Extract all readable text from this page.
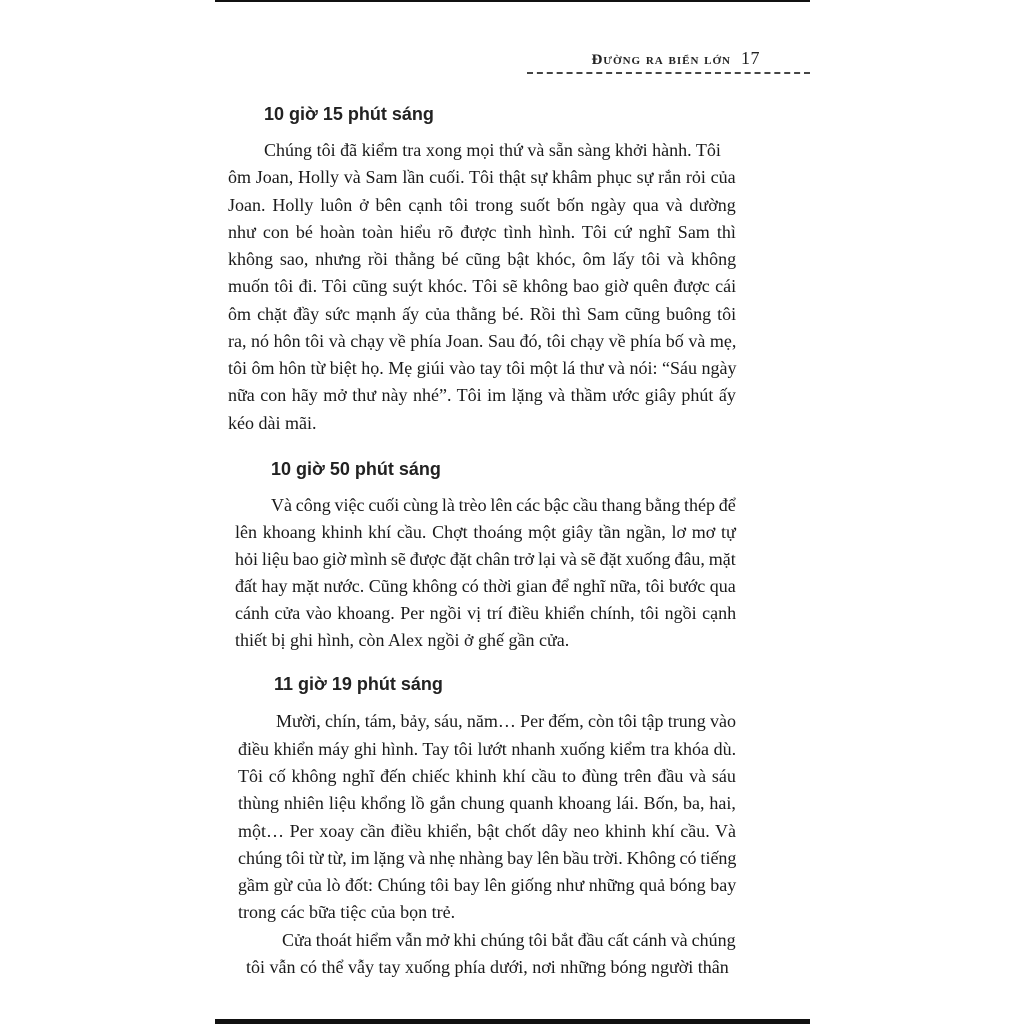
Đường ra biển lớn 17
10 giờ 15 phút sáng
Chúng tôi đã kiểm tra xong mọi thứ và sẵn sàng khởi hành. Tôi
ôm Joan, Holly và Sam lần cuối. Tôi thật sự khâm phục sự rắn rỏi của
Joan. Holly luôn ở bên cạnh tôi trong suốt bốn ngày qua và dường
như con bé hoàn toàn hiểu rõ được tình hình. Tôi cứ nghĩ Sam thì
không sao, nhưng rồi thằng bé cũng bật khóc, ôm lấy tôi và không
muốn tôi đi. Tôi cũng suýt khóc. Tôi sẽ không bao giờ quên được cái
ôm chặt đầy sức mạnh ấy của thằng bé. Rồi thì Sam cũng buông tôi
ra, nó hôn tôi và chạy về phía Joan. Sau đó, tôi chạy về phía bố và mẹ,
tôi ôm hôn từ biệt họ. Mẹ giúi vào tay tôi một lá thư và nói: “Sáu ngày
nữa con hãy mở thư này nhé”. Tôi im lặng và thầm ước giây phút ấy
kéo dài mãi.
10 giờ 50 phút sáng
Và công việc cuối cùng là trèo lên các bậc cầu thang bằng thép để
lên khoang khinh khí cầu. Chợt thoáng một giây tần ngần, lơ mơ tự
hỏi liệu bao giờ mình sẽ được đặt chân trở lại và sẽ đặt xuống đâu, mặt
đất hay mặt nước. Cũng không có thời gian để nghĩ nữa, tôi bước qua
cánh cửa vào khoang. Per ngồi vị trí điều khiển chính, tôi ngồi cạnh
thiết bị ghi hình, còn Alex ngồi ở ghế gần cửa.
11 giờ 19 phút sáng
Mười, chín, tám, bảy, sáu, năm… Per đếm, còn tôi tập trung vào
điều khiển máy ghi hình. Tay tôi lướt nhanh xuống kiểm tra khóa dù.
Tôi cố không nghĩ đến chiếc khinh khí cầu to đùng trên đầu và sáu
thùng nhiên liệu khổng lồ gắn chung quanh khoang lái. Bốn, ba, hai,
một… Per xoay cần điều khiển, bật chốt dây neo khinh khí cầu. Và
chúng tôi từ từ, im lặng và nhẹ nhàng bay lên bầu trời. Không có tiếng
gầm gừ của lò đốt: Chúng tôi bay lên giống như những quả bóng bay
trong các bữa tiệc của bọn trẻ.
Cửa thoát hiểm vẫn mở khi chúng tôi bắt đầu cất cánh và chúng
tôi vẫn có thể vẫy tay xuống phía dưới, nơi những bóng người thân
